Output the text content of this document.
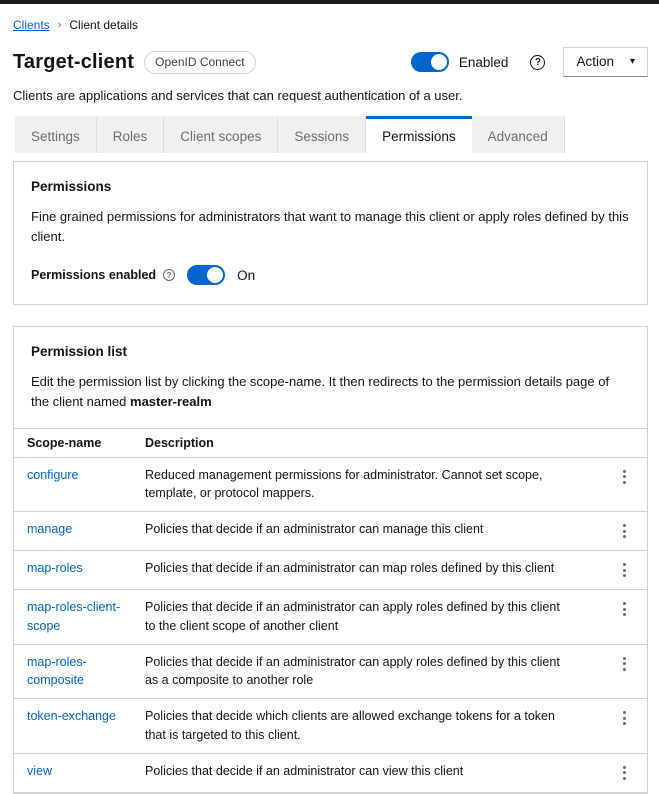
Clients › Client details
Target-client	OpenID Connect	Enabled	?	Action ▾

Clients are applications and services that can request authentication of a user.

Settings	Roles	Client scopes	Sessions	Permissions	Advanced
Permissions

Fine grained permissions for administrators that want to manage this client or apply roles defined by this client.

Permissions enabled	?	On
Permission list

Edit the permission list by clicking the scope-name. It then redirects to the permission details page of the client named master-realm

Scope-name	Description	
configure	Reduced management permissions for administrator. Cannot set scope, template, or protocol mappers.

manage	Policies that decide if an administrator can manage this client

map-roles	Policies that decide if an administrator can map roles defined by this client

map-roles-client-scope	Policies that decide if an administrator can apply roles defined by this client to the client scope of another client

map-roles-composite	Policies that decide if an administrator can apply roles defined by this client as a composite to another role

token-exchange	Policies that decide which clients are allowed exchange tokens for a token that is targeted to this client.

view	Policies that decide if an administrator can view this client
